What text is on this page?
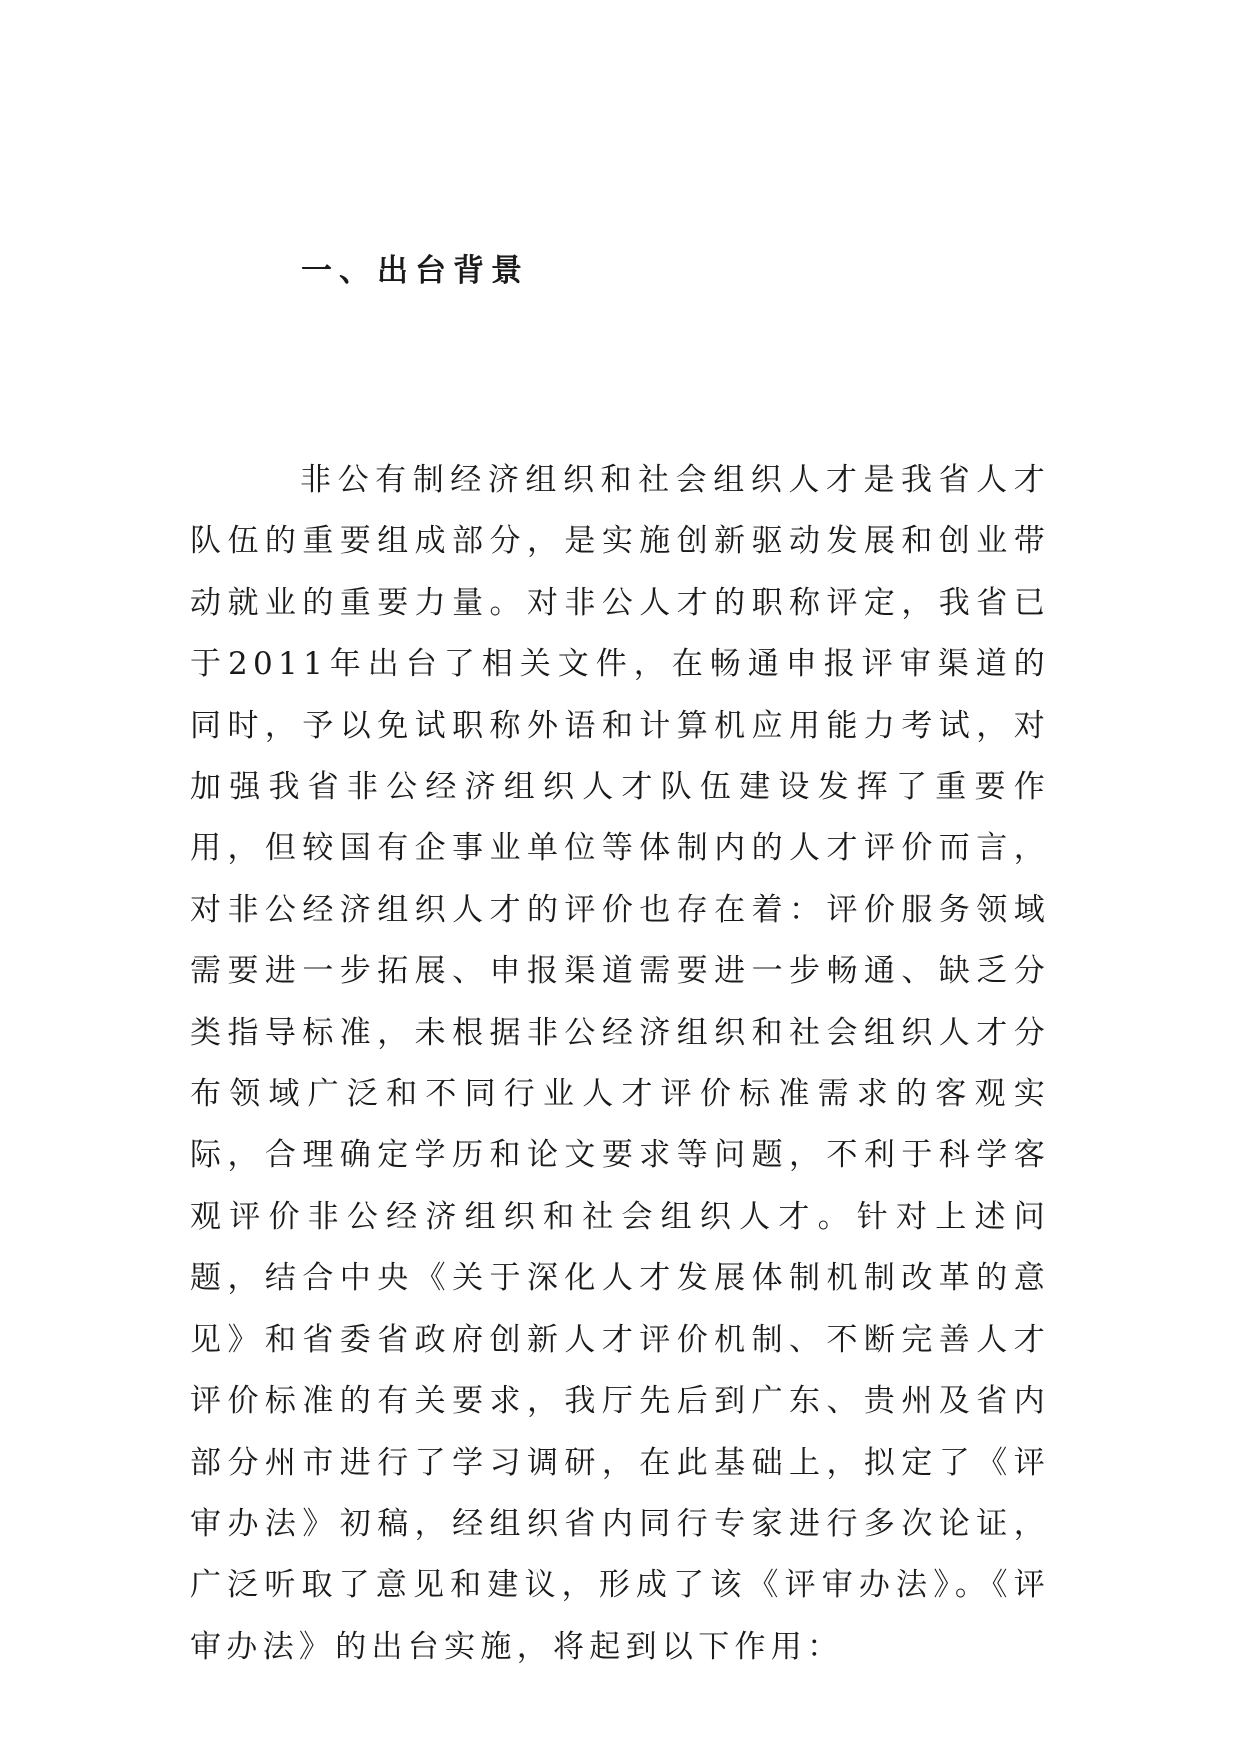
一、出台背景

非公有制经济组织和社会组织人才是我省人才队伍的重要组成部分，是实施创新驱动发展和创业带动就业的重要力量。对非公人才的职称评定，我省已于2011年出台了相关文件，在畅通申报评审渠道的同时，予以免试职称外语和计算机应用能力考试，对加强我省非公经济组织人才队伍建设发挥了重要作用，但较国有企事业单位等体制内的人才评价而言，对非公经济组织人才的评价也存在着：评价服务领域需要进一步拓展、申报渠道需要进一步畅通、缺乏分类指导标准，未根据非公经济组织和社会组织人才分布领域广泛和不同行业人才评价标准需求的客观实际，合理确定学历和论文要求等问题，不利于科学客观评价非公经济组织和社会组织人才。针对上述问题，结合中央《关于深化人才发展体制机制改革的意见》和省委省政府创新人才评价机制、不断完善人才评价标准的有关要求，我厅先后到广东、贵州及省内部分州市进行了学习调研，在此基础上，拟定了《评审办法》初稿，经组织省内同行专家进行多次论证，广泛听取了意见和建议，形成了该《评审办法》。《评审办法》的出台实施，将起到以下作用：
